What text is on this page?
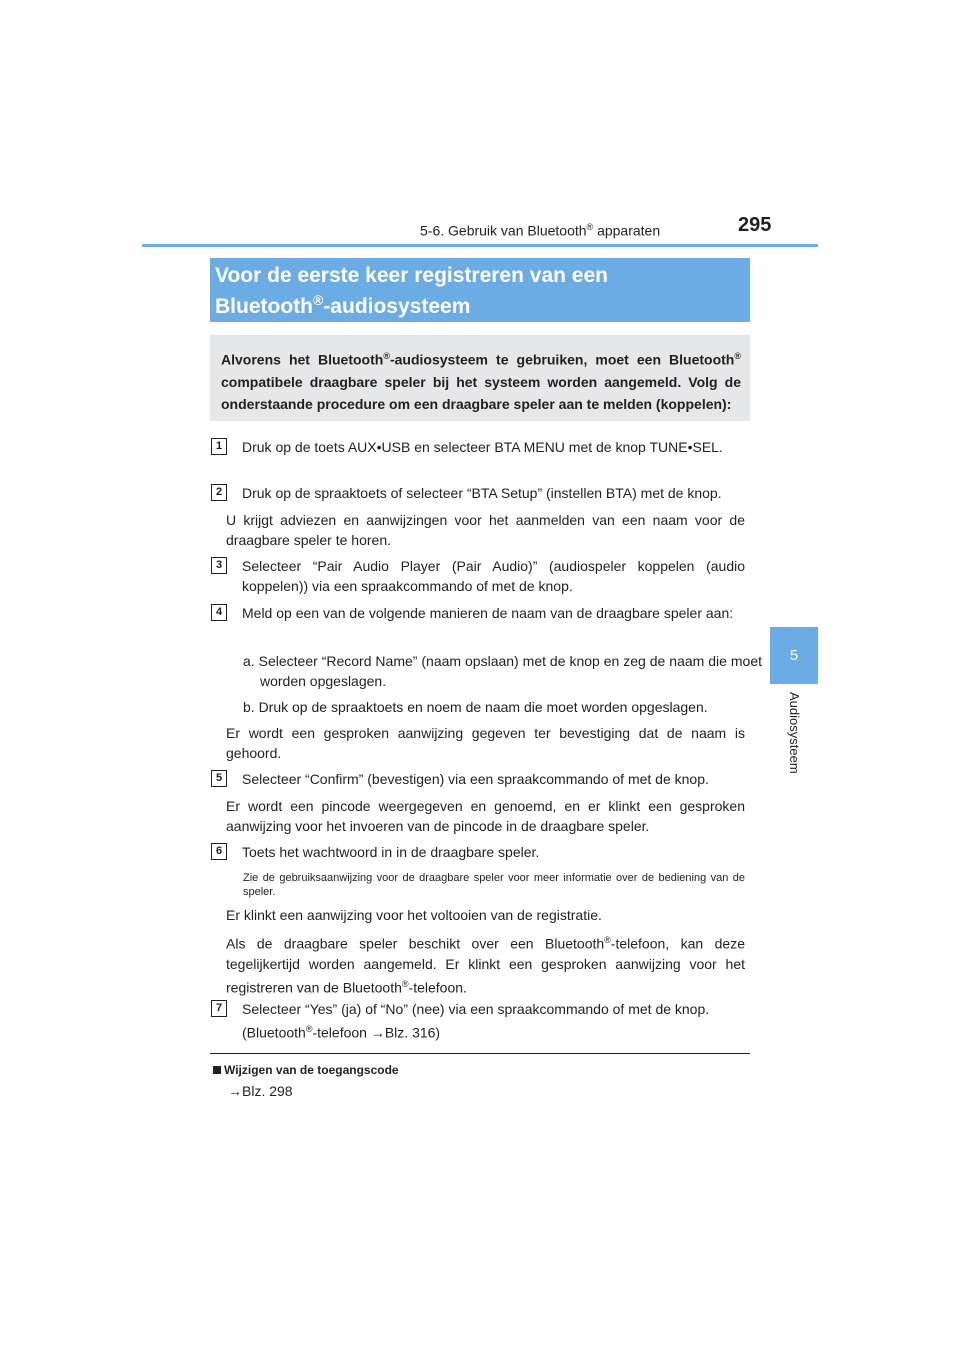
5-6. Gebruik van Bluetooth® apparaten	295
5
Audiosysteem
Voor de eerste keer registreren van een
Bluetooth®-audiosysteem
Alvorens het Bluetooth®-audiosysteem te gebruiken, moet een Bluetooth® compatibele draagbare speler bij het systeem worden aangemeld. Volg de onderstaande procedure om een draagbare speler aan te melden (koppelen):
1	Druk op de toets AUX•USB en selecteer BTA MENU met de knop TUNE•SEL.
2	Druk op de spraaktoets of selecteer “BTA Setup” (instellen BTA) met de knop.
U krijgt adviezen en aanwijzingen voor het aanmelden van een naam voor de draagbare speler te horen.
3	Selecteer “Pair Audio Player (Pair Audio)” (audiospeler koppelen (audio koppelen)) via een spraakcommando of met de knop.
4	Meld op een van de volgende manieren de naam van de draagbare speler aan:
a. Selecteer “Record Name” (naam opslaan) met de knop en zeg de naam die moet worden opgeslagen.
b. Druk op de spraaktoets en noem de naam die moet worden opgeslagen.
Er wordt een gesproken aanwijzing gegeven ter bevestiging dat de naam is gehoord.
5	Selecteer “Confirm” (bevestigen) via een spraakcommando of met de knop.
Er wordt een pincode weergegeven en genoemd, en er klinkt een gesproken aanwijzing voor het invoeren van de pincode in de draagbare speler.
6	Toets het wachtwoord in in de draagbare speler.
Zie de gebruiksaanwijzing voor de draagbare speler voor meer informatie over de bediening van de speler.
Er klinkt een aanwijzing voor het voltooien van de registratie.
Als de draagbare speler beschikt over een Bluetooth®-telefoon, kan deze tegelijkertijd worden aangemeld. Er klinkt een gesproken aanwijzing voor het registreren van de Bluetooth®-telefoon.
7	Selecteer “Yes” (ja) of “No” (nee) via een spraakcommando of met de knop.
(Bluetooth®-telefoon →Blz. 316)
Wijzigen van de toegangscode
→Blz. 298
